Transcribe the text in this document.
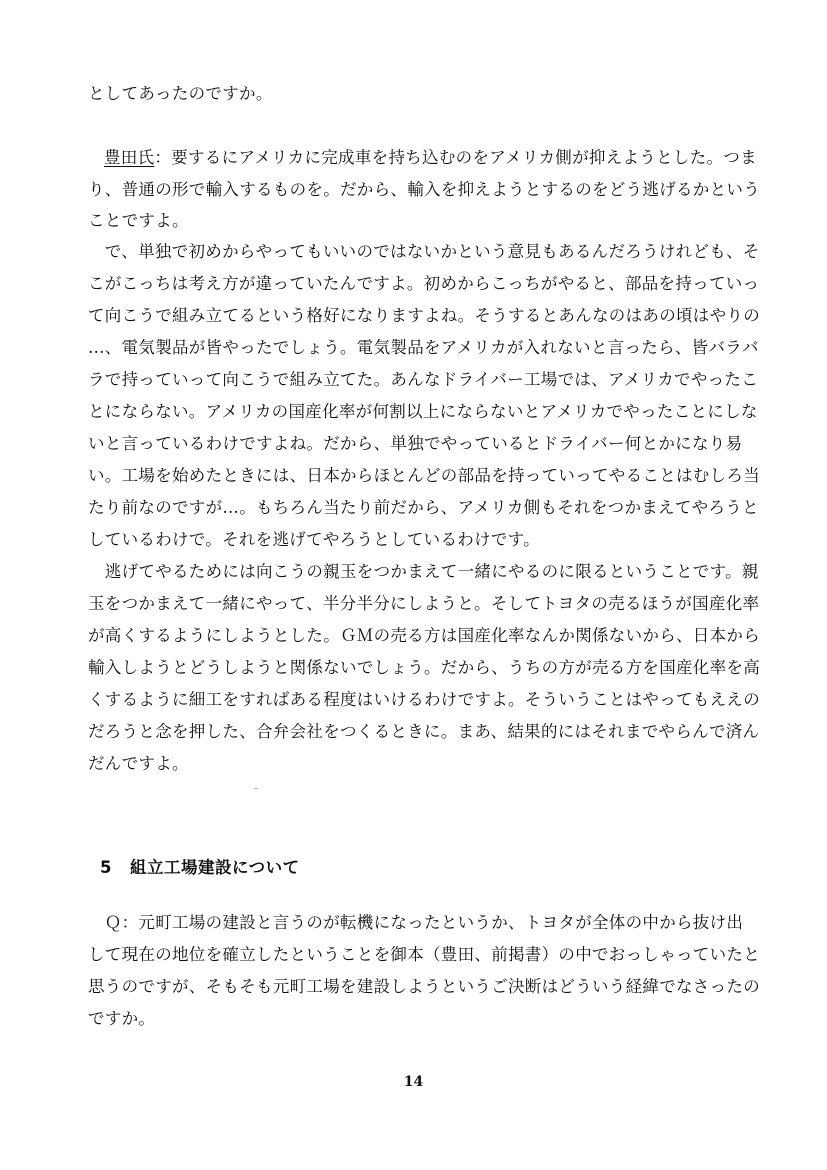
としてあったのですか。
豊田氏：要するにアメリカに完成車を持ち込むのをアメリカ側が抑えようとした。つま
り、普通の形で輸入するものを。だから、輸入を抑えようとするのをどう逃げるかという
ことですよ。
　で、単独で初めからやってもいいのではないかという意見もあるんだろうけれども、そ
こがこっちは考え方が違っていたんですよ。初めからこっちがやると、部品を持っていっ
て向こうで組み立てるという格好になりますよね。そうするとあんなのはあの頃はやりの
…、電気製品が皆やったでしょう。電気製品をアメリカが入れないと言ったら、皆バラバ
ラで持っていって向こうで組み立てた。あんなドライバー工場では、アメリカでやったこ
とにならない。アメリカの国産化率が何割以上にならないとアメリカでやったことにしな
いと言っているわけですよね。だから、単独でやっているとドライバー何とかになり易
い。工場を始めたときには、日本からほとんどの部品を持っていってやることはむしろ当
たり前なのですが…。もちろん当たり前だから、アメリカ側もそれをつかまえてやろうと
しているわけで。それを逃げてやろうとしているわけです。
　逃げてやるためには向こうの親玉をつかまえて一緒にやるのに限るということです。親
玉をつかまえて一緒にやって、半分半分にしようと。そしてトヨタの売るほうが国産化率
が高くするようにしようとした。ＧＭの売る方は国産化率なんか関係ないから、日本から
輸入しようとどうしようと関係ないでしょう。だから、うちの方が売る方を国産化率を高
くするように細工をすればある程度はいけるわけですよ。そういうことはやってもええの
だろうと念を押した、合弁会社をつくるときに。まあ、結果的にはそれまでやらんで済ん
だんですよ。
5 組立工場建設について
　Ｑ：元町工場の建設と言うのが転機になったというか、トヨタが全体の中から抜け出
して現在の地位を確立したということを御本（豊田、前掲書）の中でおっしゃっていたと
思うのですが、そもそも元町工場を建設しようというご決断はどういう経緯でなさったの
ですか。
14
